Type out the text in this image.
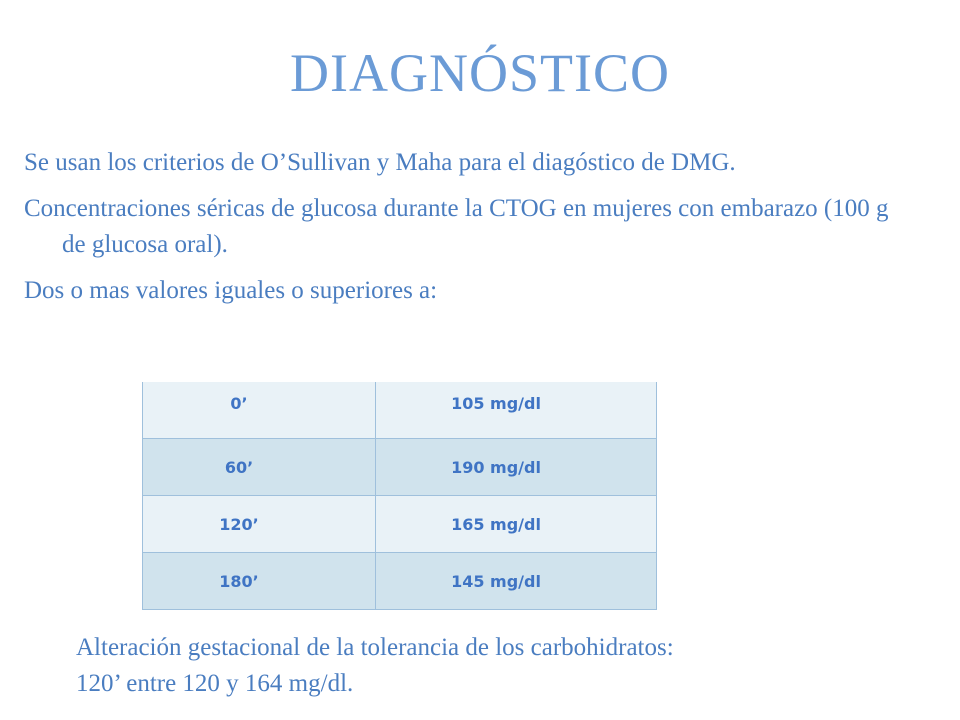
DIAGNÓSTICO

Se usan los criterios de O’Sullivan y Maha para el diagóstico de DMG.

Concentraciones séricas de glucosa durante la CTOG en mujeres con embarazo (100 g de glucosa oral).

Dos o mas valores iguales o superiores a:

0’	105 mg/dl
60’	190 mg/dl
120’	165 mg/dl
180’	145 mg/dl

Alteración gestacional de la tolerancia de los carbohidratos: 120’ entre 120 y 164 mg/dl.
